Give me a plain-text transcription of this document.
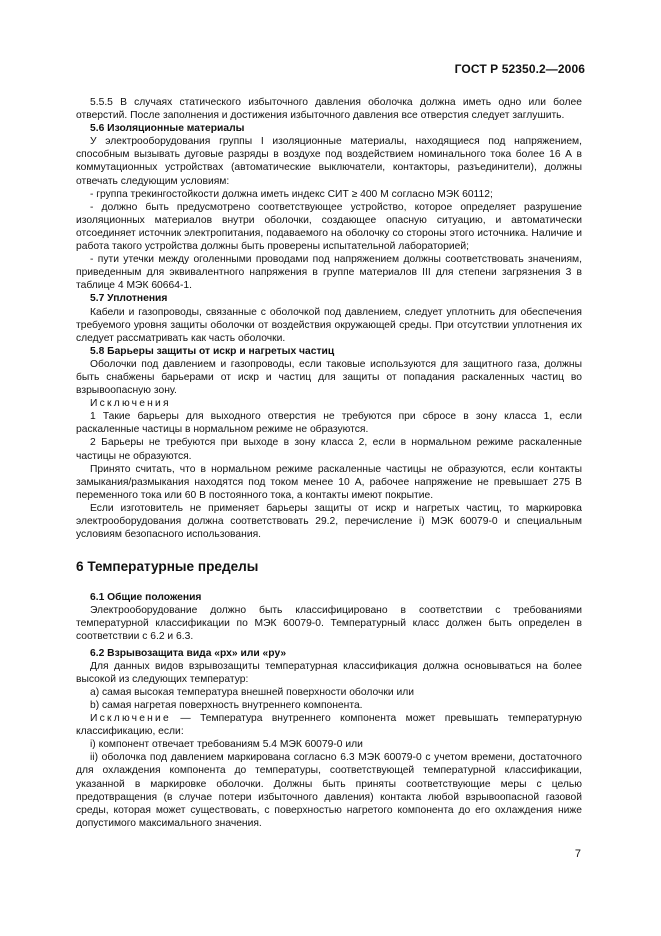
ГОСТ Р 52350.2—2006

5.5.5 В случаях статического избыточного давления оболочка должна иметь одно или более отверстий. После заполнения и достижения избыточного давления все отверстия следует заглушить.

5.6 Изоляционные материалы

У электрооборудования группы I изоляционные материалы, находящиеся под напряжением, способным вызывать дуговые разряды в воздухе под воздействием номинального тока более 16 А в коммутационных устройствах (автоматические выключатели, контакторы, разъединители), должны отвечать следующим условиям:

- группа трекингостойкости должна иметь индекс СИТ ≥ 400 М согласно МЭК 60112;

- должно быть предусмотрено соответствующее устройство, которое определяет разрушение изоляционных материалов внутри оболочки, создающее опасную ситуацию, и автоматически отсоединяет источник электропитания, подаваемого на оболочку со стороны этого источника. Наличие и работа такого устройства должны быть проверены испытательной лабораторией;

- пути утечки между оголенными проводами под напряжением должны соответствовать значениям, приведенным для эквивалентного напряжения в группе материалов III для степени загрязнения 3 в таблице 4 МЭК 60664-1.

5.7 Уплотнения

Кабели и газопроводы, связанные с оболочкой под давлением, следует уплотнить для обеспечения требуемого уровня защиты оболочки от воздействия окружающей среды. При отсутствии уплотнения их следует рассматривать как часть оболочки.

5.8 Барьеры защиты от искр и нагретых частиц

Оболочки под давлением и газопроводы, если таковые используются для защитного газа, должны быть снабжены барьерами от искр и частиц для защиты от попадания раскаленных частиц во взрывоопасную зону.

Исключения

1 Такие барьеры для выходного отверстия не требуются при сбросе в зону класса 1, если раскаленные частицы в нормальном режиме не образуются.

2 Барьеры не требуются при выходе в зону класса 2, если в нормальном режиме раскаленные частицы не образуются.

Принято считать, что в нормальном режиме раскаленные частицы не образуются, если контакты замыкания/размыкания находятся под током менее 10 А, рабочее напряжение не превышает 275 В переменного тока или 60 В постоянного тока, а контакты имеют покрытие.

Если изготовитель не применяет барьеры защиты от искр и нагретых частиц, то маркировка электрооборудования должна соответствовать 29.2, перечисление i) МЭК 60079-0 и специальным условиям безопасного использования.

6 Температурные пределы

6.1 Общие положения

Электрооборудование должно быть классифицировано в соответствии с требованиями температурной классификации по МЭК 60079-0. Температурный класс должен быть определен в соответствии с 6.2 и 6.3.

6.2 Взрывозащита вида «рх» или «ру»

Для данных видов взрывозащиты температурная классификация должна основываться на более высокой из следующих температур:

a) самая высокая температура внешней поверхности оболочки или

b) самая нагретая поверхность внутреннего компонента.

Исключение — Температура внутреннего компонента может превышать температурную классификацию, если:

i) компонент отвечает требованиям 5.4 МЭК 60079-0 или

ii) оболочка под давлением маркирована согласно 6.3 МЭК 60079-0 с учетом времени, достаточного для охлаждения компонента до температуры, соответствующей температурной классификации, указанной в маркировке оболочки. Должны быть приняты соответствующие меры с целью предотвращения (в случае потери избыточного давления) контакта любой взрывоопасной газовой среды, которая может существовать, с поверхностью нагретого компонента до его охлаждения ниже допустимого максимального значения.

7
